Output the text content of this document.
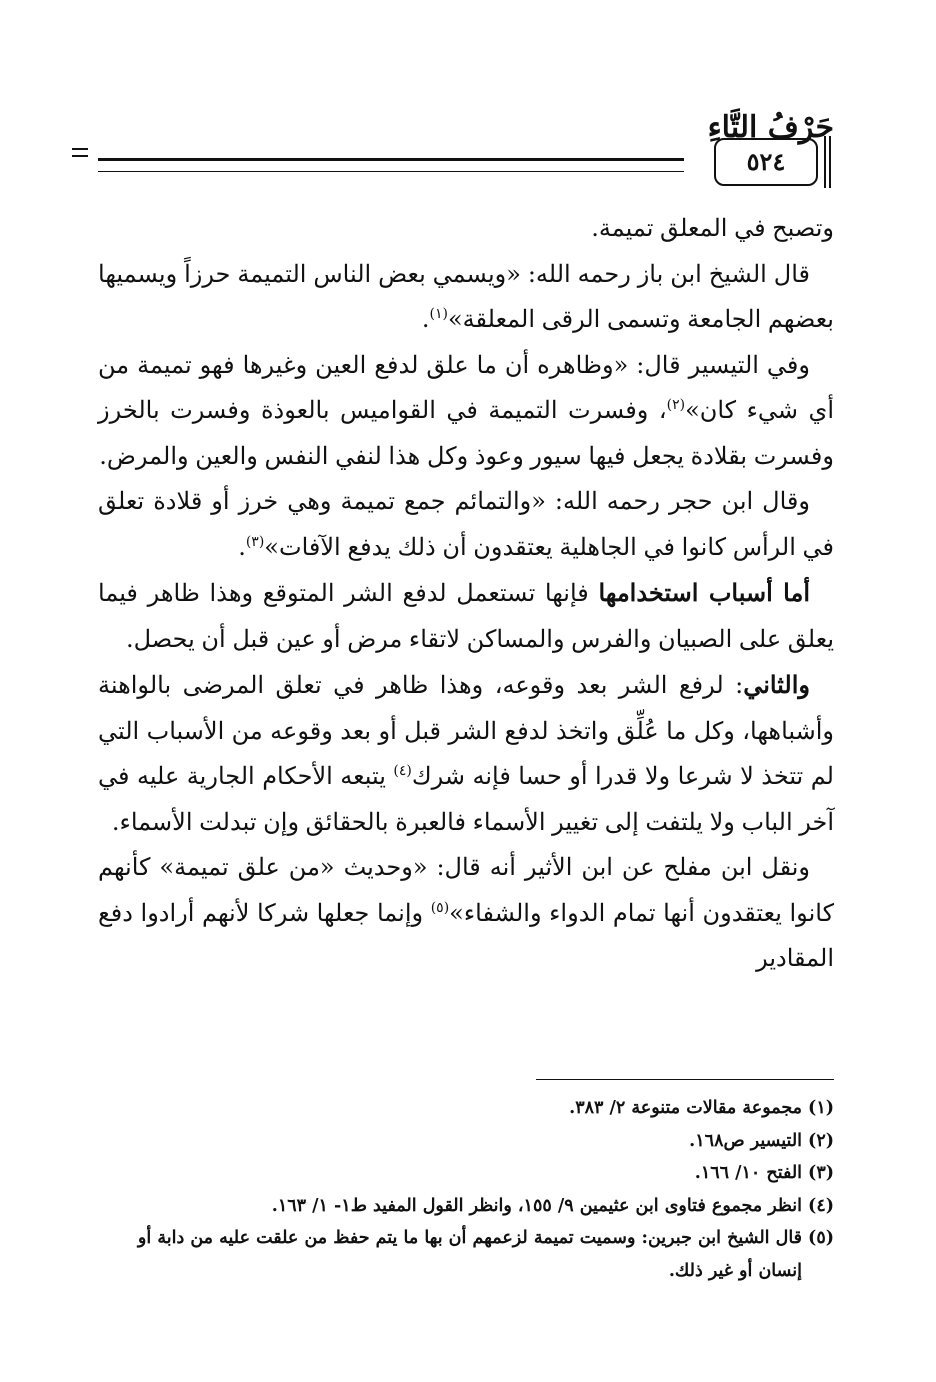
حَرْفُ التَّاءِ
٥٢٤

وتصبح في المعلق تميمة.

قال الشيخ ابن باز رحمه الله: «ويسمي بعض الناس التميمة حرزاً ويسميها بعضهم الجامعة وتسمى الرقى المعلقة»$^{(١)}$.

وفي التيسير قال: «وظاهره أن ما علق لدفع العين وغيرها فهو تميمة من أي شيء كان»$^{(٢)}$، وفسرت التميمة في القواميس بالعوذة وفسرت بالخرز وفسرت بقلادة يجعل فيها سيور وعوذ وكل هذا لنفي النفس والعين والمرض.

وقال ابن حجر رحمه الله: «والتمائم جمع تميمة وهي خرز أو قلادة تعلق في الرأس كانوا في الجاهلية يعتقدون أن ذلك يدفع الآفات»$^{(٣)}$.

أما أسباب استخدامها فإنها تستعمل لدفع الشر المتوقع وهذا ظاهر فيما يعلق على الصبيان والفرس والمساكن لاتقاء مرض أو عين قبل أن يحصل.

والثاني: لرفع الشر بعد وقوعه، وهذا ظاهر في تعلق المرضى بالواهنة وأشباهها، وكل ما عُلِّق واتخذ لدفع الشر قبل أو بعد وقوعه من الأسباب التي لم تتخذ لا شرعا ولا قدرا أو حسا فإنه شرك$^{(٤)}$ يتبعه الأحكام الجارية عليه في آخر الباب ولا يلتفت إلى تغيير الأسماء فالعبرة بالحقائق وإن تبدلت الأسماء.

ونقل ابن مفلح عن ابن الأثير أنه قال: «وحديث «من علق تميمة» كأنهم كانوا يعتقدون أنها تمام الدواء والشفاء»$^{(٥)}$ وإنما جعلها شركا لأنهم أرادوا دفع المقادير

(١)مجموعة مقالات متنوعة ٢/ ٣٨٣.

(٢)التيسير ص١٦٨.

(٣)الفتح ١٠/ ١٦٦.

(٤)انظر مجموع فتاوى ابن عثيمين ٩/ ١٥٥، وانظر القول المفيد ط١- ١/ ١٦٣.

(٥)قال الشيخ ابن جبرين: وسميت تميمة لزعمهم أن بها ما يتم حفظ من علقت عليه من دابة أو

إنسان أو غير ذلك.
